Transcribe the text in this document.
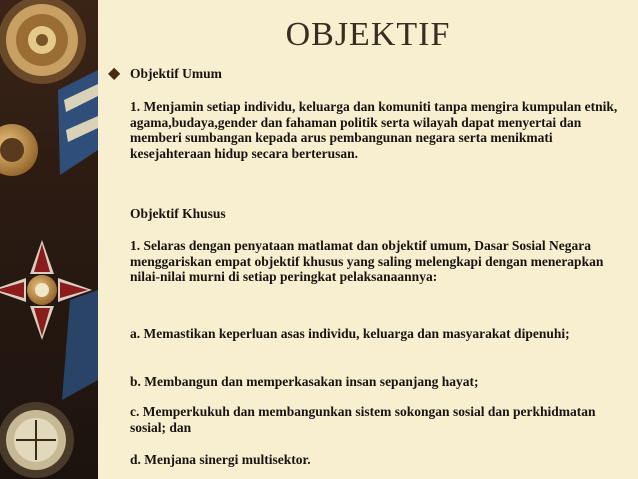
OBJEKTIF
◆ Objektif Umum

1. Menjamin setiap individu, keluarga dan komuniti tanpa mengira kumpulan etnik, agama,budaya,gender dan fahaman politik serta wilayah dapat menyertai dan memberi sumbangan kepada arus pembangunan negara serta menikmati kesejahteraan hidup secara berterusan.

Objektif Khusus

1. Selaras dengan penyataan matlamat dan objektif umum, Dasar Sosial Negara menggariskan empat objektif khusus yang saling melengkapi dengan menerapkan nilai-nilai murni di setiap peringkat pelaksanaannya:

a. Memastikan keperluan asas individu, keluarga dan masyarakat dipenuhi;

b. Membangun dan memperkasakan insan sepanjang hayat;

c. Memperkukuh dan membangunkan sistem sokongan sosial dan perkhidmatan sosial; dan

d. Menjana sinergi multisektor.
